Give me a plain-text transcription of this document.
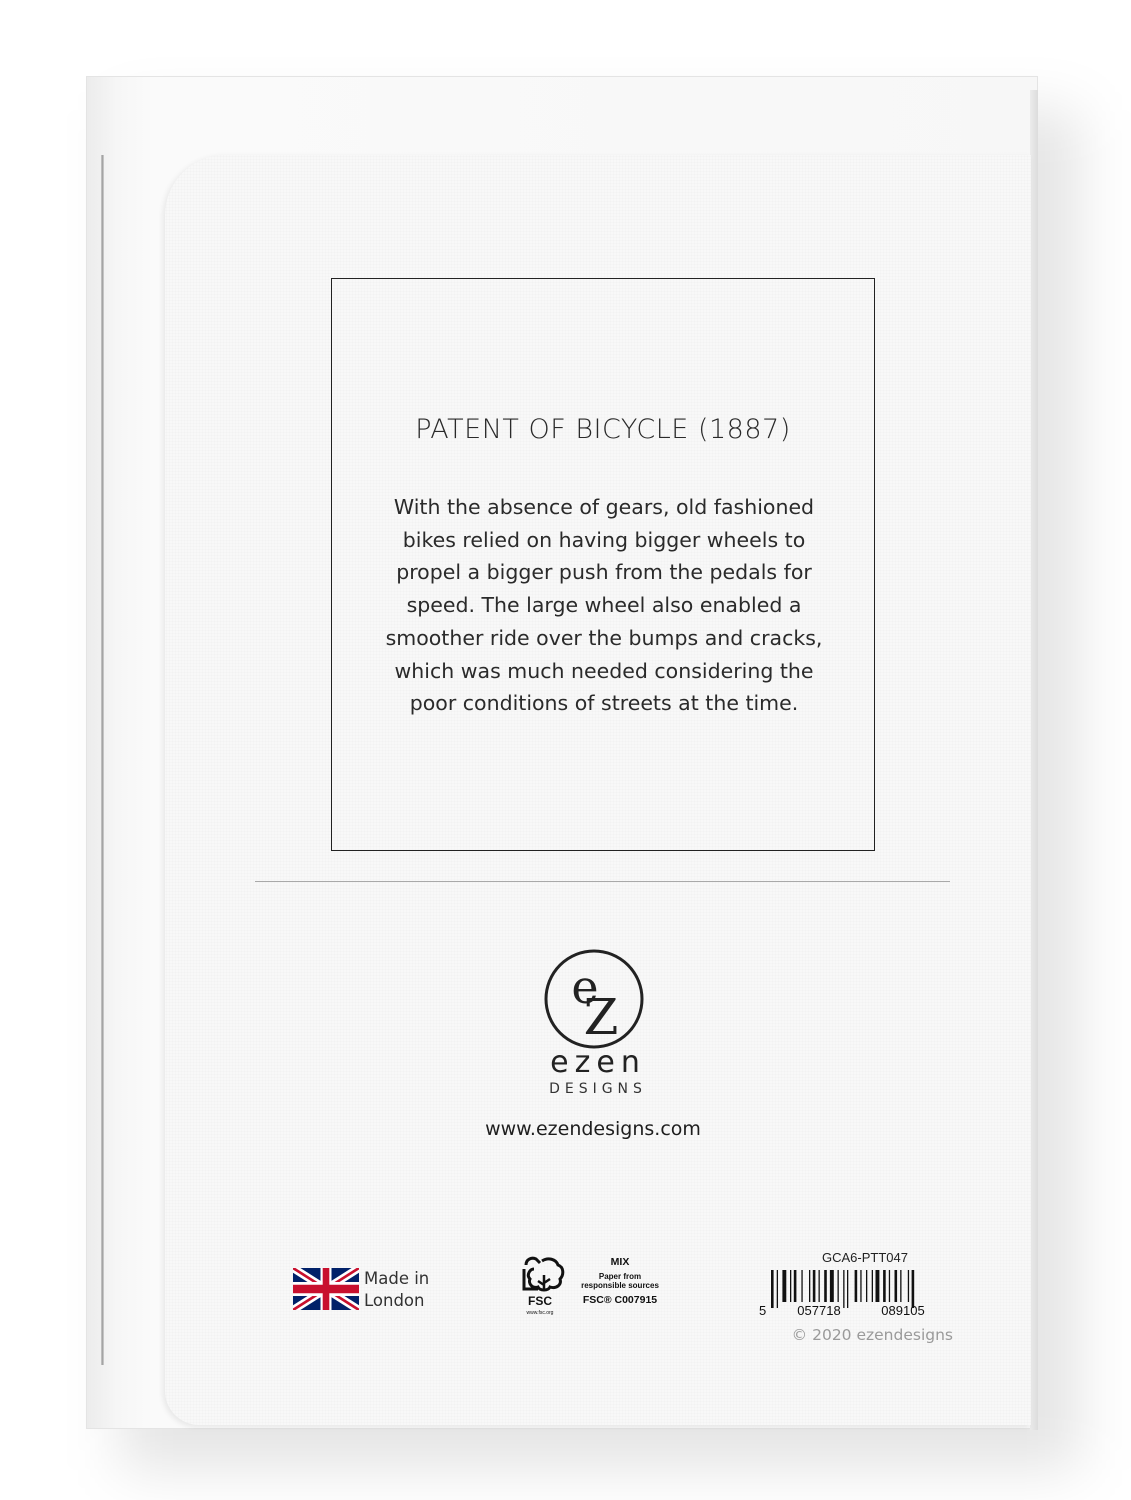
PATENT OF BICYCLE (1887)
With the absence of gears, old fashioned
bikes relied on having bigger wheels to
propel a bigger push from the pedals for
speed. The large wheel also enabled a
smoother ride over the bumps and cracks,
which was much needed considering the
poor conditions of streets at the time.
e
Z
ezen
DESIGNS
www.ezendesigns.com
Made in
London	FSC
www.fsc.org
MIX
Paper from
responsible sources
FSC® C007915
GCA6-PTT047
5 057718	089105
© 2020 ezendesigns
